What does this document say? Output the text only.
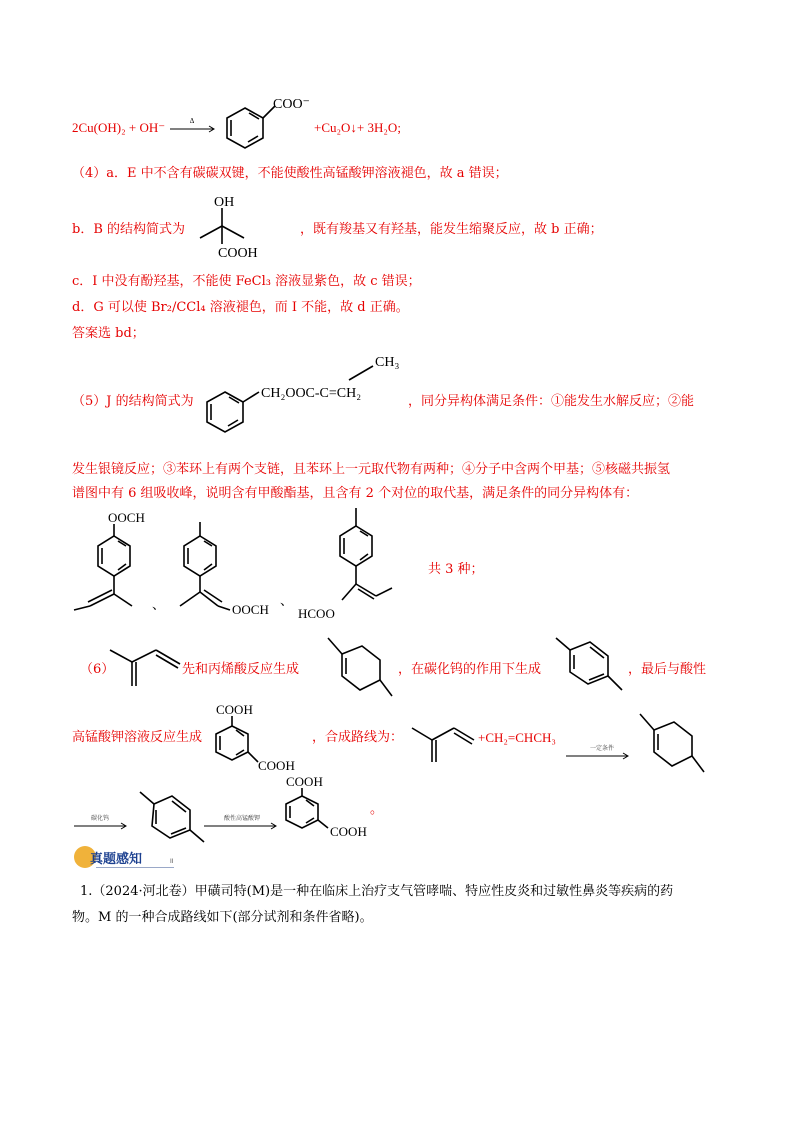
2Cu(OH)₂ + OH⁻	Δ
COO⁻
+Cu₂O↓+ 3H₂O;
（4）a．E 中不含有碳碳双键，不能使酸性高锰酸钾溶液褪色，故 a 错误；
b．B 的结构简式为
OH
COOH
，既有羧基又有羟基，能发生缩聚反应，故 b 正确；
c．I 中没有酚羟基，不能使 FeCl₃ 溶液显紫色，故 c 错误；
d．G 可以使 Br₂/CCl₄ 溶液褪色，而 I 不能，故 d 正确。
答案选 bd；
（5）J 的结构简式为
CH₃
CH₂OOC-C=CH₂
，同分异构体满足条件：①能发生水解反应；②能
发生银镜反应；③苯环上有两个支链，且苯环上一元取代物有两种；④分子中含两个甲基；⑤核磁共振氢
谱图中有 6 组吸收峰，说明含有甲酸酯基，且含有 2 个对位的取代基，满足条件的同分异构体有：
OOCH
、	OOCH
、
HCOO
共 3 种；
（6）	先和丙烯酸反应生成	，在碳化钨的作用下生成	，最后与酸性
高锰酸钾溶液反应生成
COOH
COOH
，合成路线为：	+CH₂=CHCH₃
一定条件
碳化钨	酸性高锰酸钾
COOH
COOH
。
真题感知	II
1.（2024·河北卷）甲磺司特(M)是一种在临床上治疗支气管哮喘、特应性皮炎和过敏性鼻炎等疾病的药
物。M 的一种合成路线如下(部分试剂和条件省略)。
